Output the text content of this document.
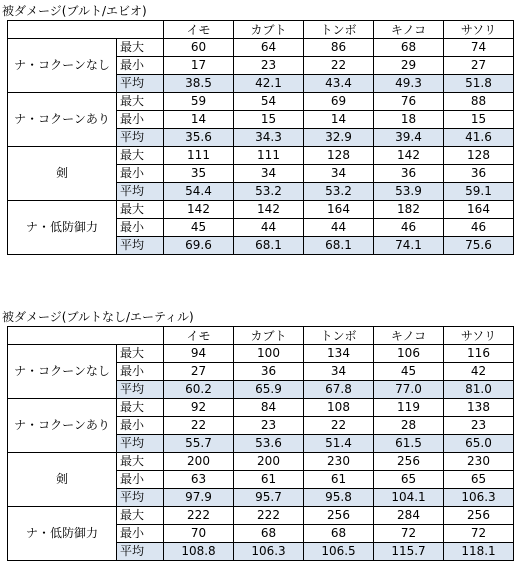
被ダメージ(ブルト/エビオ)
		イモ	カブト	トンボ	キノコ	サソリ
ナ・コクーンなし	最大	60	64	86	68	74
	最小	17	23	22	29	27
	平均	38.5	42.1	43.4	49.3	51.8
ナ・コクーンあり	最大	59	54	69	76	88
	最小	14	15	14	18	15
	平均	35.6	34.3	32.9	39.4	41.6
剣	最大	111	111	128	142	128
	最小	35	34	34	36	36
	平均	54.4	53.2	53.2	53.9	59.1
ナ・低防御力	最大	142	142	164	182	164
	最小	45	44	44	46	46
	平均	69.6	68.1	68.1	74.1	75.6
被ダメージ(ブルトなし/エーティル)
		イモ	カブト	トンボ	キノコ	サソリ
ナ・コクーンなし	最大	94	100	134	106	116
	最小	27	36	34	45	42
	平均	60.2	65.9	67.8	77.0	81.0
ナ・コクーンあり	最大	92	84	108	119	138
	最小	22	23	22	28	23
	平均	55.7	53.6	51.4	61.5	65.0
剣	最大	200	200	230	256	230
	最小	63	61	61	65	65
	平均	97.9	95.7	95.8	104.1	106.3
ナ・低防御力	最大	222	222	256	284	256
	最小	70	68	68	72	72
	平均	108.8	106.3	106.5	115.7	118.1
